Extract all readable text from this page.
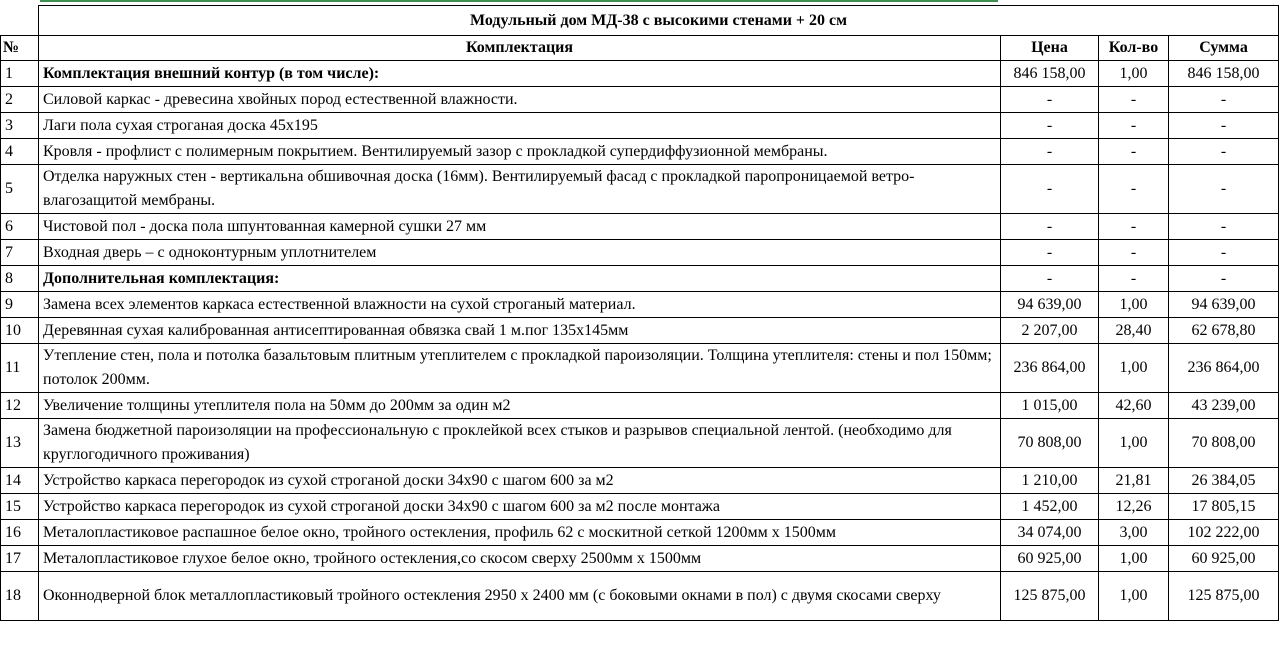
	Модульный дом МД-38 с высокими стенами + 20 см			
№	Комплектация	Цена	Кол-во	Сумма
1	Комплектация внешний контур (в том числе):	846 158,00	1,00	846 158,00
2	Силовой каркас - древесина хвойных пород естественной влажности.	-	-	-
3	Лаги пола сухая строганая доска 45х195	-	-	-
4	Кровля - профлист с полимерным покрытием. Вентилируемый зазор с прокладкой супердиффузионной мембраны.	-	-	-
5	Отделка наружных стен - вертикальна обшивочная доска (16мм). Вентилируемый фасад с прокладкой паропроницаемой ветро-влагозащитой мембраны.	-	-	-
6	Чистовой пол - доска пола шпунтованная камерной сушки 27 мм	-	-	-
7	Входная дверь – с одноконтурным уплотнителем	-	-	-
8	Дополнительная комплектация:	-	-	-
9	Замена всех элементов каркаса естественной влажности на сухой строганый материал.	94 639,00	1,00	94 639,00
10	Деревянная сухая калиброванная антисептированная обвязка свай 1 м.пог 135х145мм	2 207,00	28,40	62 678,80
11	Утепление стен, пола и потолка базальтовым плитным утеплителем с прокладкой пароизоляции. Толщина утеплителя: стены и пол 150мм; потолок 200мм.	236 864,00	1,00	236 864,00
12	Увеличение толщины утеплителя пола на 50мм до 200мм за один м2	1 015,00	42,60	43 239,00
13	Замена бюджетной пароизоляции на профессиональную с проклейкой всех стыков и разрывов специальной лентой. (необходимо для круглогодичного проживания)	70 808,00	1,00	70 808,00
14	Устройство каркаса перегородок из сухой строганой доски 34х90 с шагом 600 за м2	1 210,00	21,81	26 384,05
15	Устройство каркаса перегородок из сухой строганой доски 34х90 с шагом 600 за м2 после монтажа	1 452,00	12,26	17 805,15
16	Металопластиковое распашное белое окно, тройного остекления, профиль 62 с москитной сеткой 1200мм х 1500мм	34 074,00	3,00	102 222,00
17	Металопластиковое глухое белое окно, тройного остекления,со скосом сверху 2500мм х 1500мм	60 925,00	1,00	60 925,00
18	Оконнодверной блок металлопластиковый тройного остекления 2950 х 2400 мм (с боковыми окнами в пол) с двумя скосами сверху	125 875,00	1,00	125 875,00
